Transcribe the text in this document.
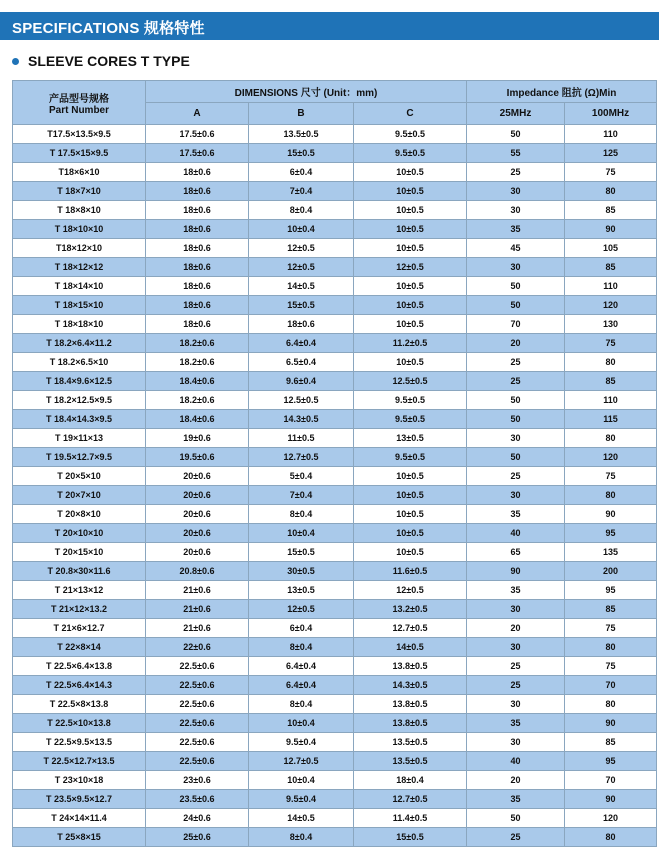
SPECIFICATIONS 规格特性
SLEEVE CORES T TYPE
产品型号规格
Part Number	DIMENSIONS 尺寸 (Unit：mm)			Impedance 阻抗 (Ω)Min	
	A	B	C	25MHz	100MHz
T17.5×13.5×9.5	17.5±0.6	13.5±0.5	9.5±0.5	50	110
T 17.5×15×9.5	17.5±0.6	15±0.5	9.5±0.5	55	125
T18×6×10	18±0.6	6±0.4	10±0.5	25	75
T 18×7×10	18±0.6	7±0.4	10±0.5	30	80
T 18×8×10	18±0.6	8±0.4	10±0.5	30	85
T 18×10×10	18±0.6	10±0.4	10±0.5	35	90
T18×12×10	18±0.6	12±0.5	10±0.5	45	105
T 18×12×12	18±0.6	12±0.5	12±0.5	30	85
T 18×14×10	18±0.6	14±0.5	10±0.5	50	110
T 18×15×10	18±0.6	15±0.5	10±0.5	50	120
T 18×18×10	18±0.6	18±0.6	10±0.5	70	130
T 18.2×6.4×11.2	18.2±0.6	6.4±0.4	11.2±0.5	20	75
T 18.2×6.5×10	18.2±0.6	6.5±0.4	10±0.5	25	80
T 18.4×9.6×12.5	18.4±0.6	9.6±0.4	12.5±0.5	25	85
T 18.2×12.5×9.5	18.2±0.6	12.5±0.5	9.5±0.5	50	110
T 18.4×14.3×9.5	18.4±0.6	14.3±0.5	9.5±0.5	50	115
T 19×11×13	19±0.6	11±0.5	13±0.5	30	80
T 19.5×12.7×9.5	19.5±0.6	12.7±0.5	9.5±0.5	50	120
T 20×5×10	20±0.6	5±0.4	10±0.5	25	75
T 20×7×10	20±0.6	7±0.4	10±0.5	30	80
T 20×8×10	20±0.6	8±0.4	10±0.5	35	90
T 20×10×10	20±0.6	10±0.4	10±0.5	40	95
T 20×15×10	20±0.6	15±0.5	10±0.5	65	135
T 20.8×30×11.6	20.8±0.6	30±0.5	11.6±0.5	90	200
T 21×13×12	21±0.6	13±0.5	12±0.5	35	95
T 21×12×13.2	21±0.6	12±0.5	13.2±0.5	30	85
T 21×6×12.7	21±0.6	6±0.4	12.7±0.5	20	75
T 22×8×14	22±0.6	8±0.4	14±0.5	30	80
T 22.5×6.4×13.8	22.5±0.6	6.4±0.4	13.8±0.5	25	75
T 22.5×6.4×14.3	22.5±0.6	6.4±0.4	14.3±0.5	25	70
T 22.5×8×13.8	22.5±0.6	8±0.4	13.8±0.5	30	80
T 22.5×10×13.8	22.5±0.6	10±0.4	13.8±0.5	35	90
T 22.5×9.5×13.5	22.5±0.6	9.5±0.4	13.5±0.5	30	85
T 22.5×12.7×13.5	22.5±0.6	12.7±0.5	13.5±0.5	40	95
T 23×10×18	23±0.6	10±0.4	18±0.4	20	70
T 23.5×9.5×12.7	23.5±0.6	9.5±0.4	12.7±0.5	35	90
T 24×14×11.4	24±0.6	14±0.5	11.4±0.5	50	120
T 25×8×15	25±0.6	8±0.4	15±0.5	25	80
